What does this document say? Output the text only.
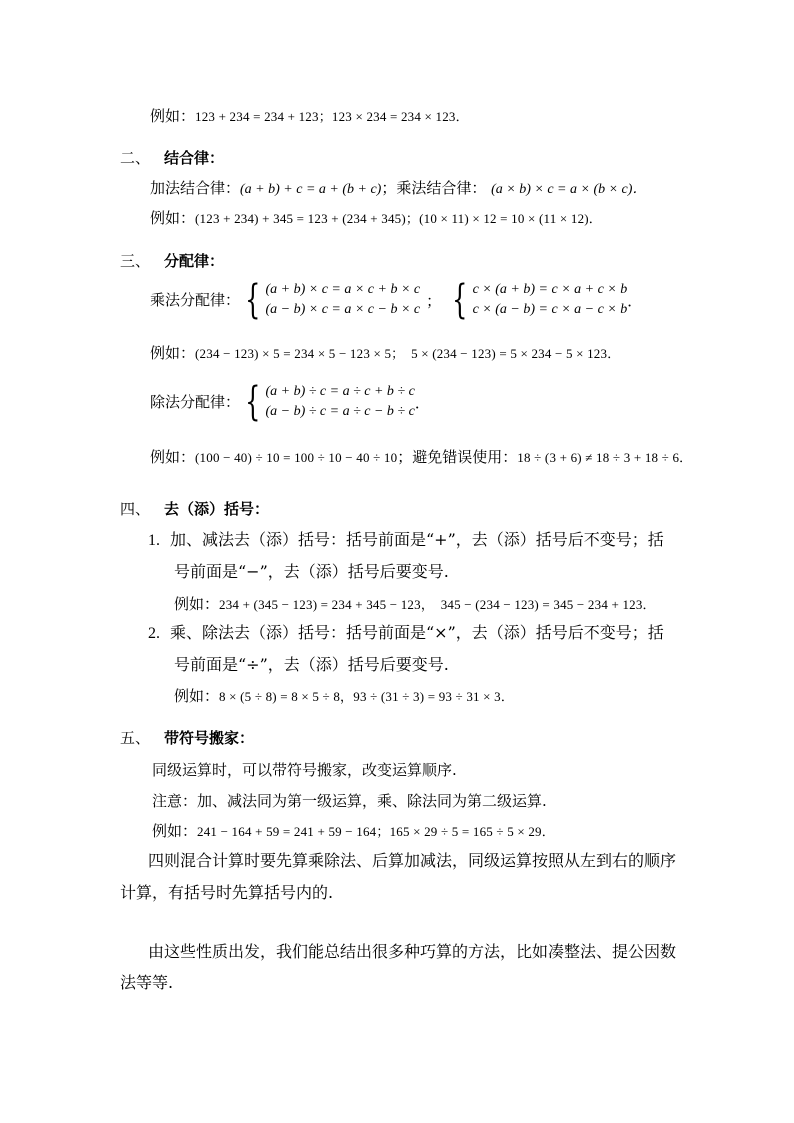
例如：123 + 234 = 234 + 123；123 × 234 = 234 × 123．
二、 结合律：
加法结合律：(a + b) + c = a + (b + c)；乘法结合律： (a × b) × c = a × (b × c)．
例如：(123 + 234) + 345 = 123 + (234 + 345)；(10 × 11) × 12 = 10 × (11 × 12)．
三、 分配律：
乘法分配律： { (a + b) × c = a × c + b × c
(a − b) × c = a × c − b × c ； { c × (a + b) = c × a + c × b
c × (a − b) = c × a − c × b ．
例如：(234 − 123) × 5 = 234 × 5 − 123 × 5；　5 × (234 − 123) = 5 × 234 − 5 × 123．
除法分配律： { (a + b) ÷ c = a ÷ c + b ÷ c
(a − b) ÷ c = a ÷ c − b ÷ c ．
例如：(100 − 40) ÷ 10 = 100 ÷ 10 − 40 ÷ 10；避免错误使用：18 ÷ (3 + 6) ≠ 18 ÷ 3 + 18 ÷ 6．
四、 去（添）括号：
1. 加、减法去（添）括号：括号前面是“+”，去（添）括号后不变号；括
号前面是“−”，去（添）括号后要变号.
例如：234 + (345 − 123) = 234 + 345 − 123，　345 − (234 − 123) = 345 − 234 + 123．
2. 乘、除法去（添）括号：括号前面是“×”，去（添）括号后不变号；括
号前面是“÷”，去（添）括号后要变号.
例如：8 × (5 ÷ 8) = 8 × 5 ÷ 8，93 ÷ (31 ÷ 3) = 93 ÷ 31 × 3．
五、 带符号搬家：
同级运算时，可以带符号搬家，改变运算顺序.
注意：加、减法同为第一级运算，乘、除法同为第二级运算.
例如：241 − 164 + 59 = 241 + 59 − 164；165 × 29 ÷ 5 = 165 ÷ 5 × 29．
四则混合计算时要先算乘除法、后算加减法，同级运算按照从左到右的顺序
计算，有括号时先算括号内的.
由这些性质出发，我们能总结出很多种巧算的方法，比如凑整法、提公因数
法等等.
